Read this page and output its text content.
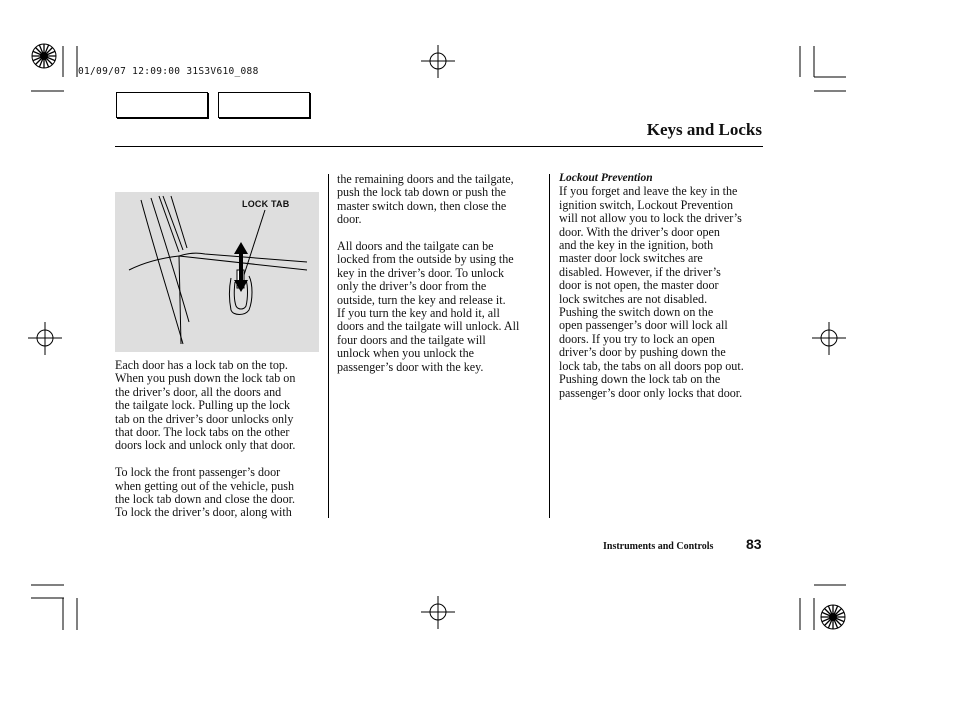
01/09/07 12:09:00 31S3V610_088
Keys and Locks
LOCK TAB

Each door has a lock tab on the top.
When you push down the lock tab on
the driver’s door, all the doors and
the tailgate lock. Pulling up the lock
tab on the driver’s door unlocks only
that door. The lock tabs on the other
doors lock and unlock only that door.

To lock the front passenger’s door
when getting out of the vehicle, push
the lock tab down and close the door.
To lock the driver’s door, along with

the remaining doors and the tailgate,
push the lock tab down or push the
master switch down, then close the
door.

All doors and the tailgate can be
locked from the outside by using the
key in the driver’s door. To unlock
only the driver’s door from the
outside, turn the key and release it.
If you turn the key and hold it, all
doors and the tailgate will unlock. All
four doors and the tailgate will
unlock when you unlock the
passenger’s door with the key.

Lockout Prevention

If you forget and leave the key in the
ignition switch, Lockout Prevention
will not allow you to lock the driver’s
door. With the driver’s door open
and the key in the ignition, both
master door lock switches are
disabled. However, if the driver’s
door is not open, the master door
lock switches are not disabled.
Pushing the switch down on the
open passenger’s door will lock all
doors. If you try to lock an open
driver’s door by pushing down the
lock tab, the tabs on all doors pop out.
Pushing down the lock tab on the
passenger’s door only locks that door.

Instruments and Controls 83
